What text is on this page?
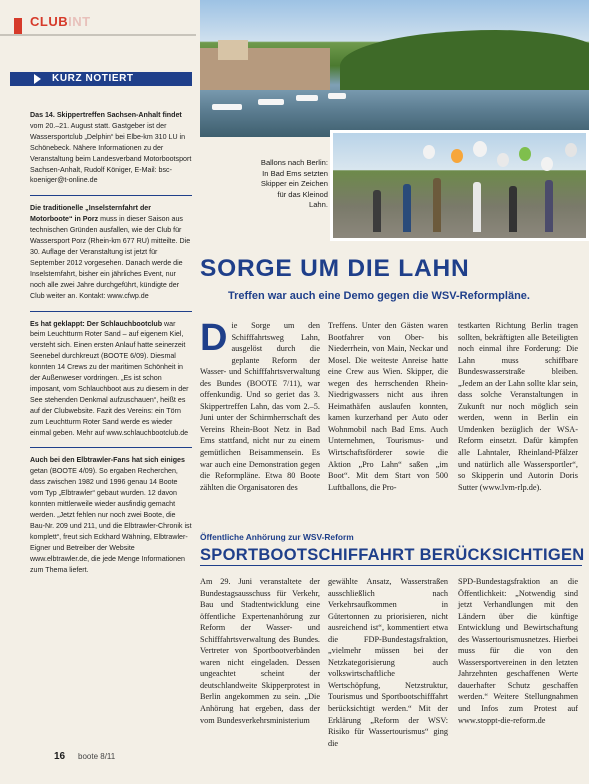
CLUBINT
KURZ NOTIERT

Das 14. Skippertreffen Sachsen-Anhalt findet vom 20.–21. August statt. Gastgeber ist der Wassersportclub „Delphin“ bei Elbe-km 310 LU in Schönebeck. Nähere Informationen zu der Veranstaltung beim Landesverband Motorbootsport Sachsen-Anhalt, Rudolf Königer, E-Mail: bsc-koeniger@t-online.de

Die traditionelle „Inselsternfahrt der Motorboote“ in Porz muss in dieser Saison aus technischen Gründen ausfallen, wie der Club für Wassersport Porz (Rhein-km 677 RU) mitteilte. Die 30. Auflage der Veranstaltung ist jetzt für September 2012 vorgesehen. Danach werde die Inselsternfahrt, bisher ein jährliches Event, nur noch alle zwei Jahre durchgeführt, kündigte der Club weiter an. Kontakt: www.cfwp.de

Es hat geklappt: Der Schlauchbootclub war beim Leuchtturm Roter Sand – auf eigenem Kiel, versteht sich. Einen ersten Anlauf hatte seinerzeit Seenebel durchkreuzt (BOOTE 6/09). Diesmal konnten 14 Crews zu der maritimen Schönheit in der Außenweser vordringen. „Es ist schon imposant, vom Schlauchboot aus zu diesem in der See stehenden Denkmal aufzuschauen“, heißt es auf der Clubwebsite. Fazit des Vereins: ein Törn zum Leuchtturm Roter Sand werde es wieder einmal geben. Mehr auf www.schlauchbootclub.de

Auch bei den Elbtrawler-Fans hat sich einiges getan (BOOTE 4/09). So ergaben Recherchen, dass zwischen 1982 und 1996 genau 14 Boote vom Typ „Elbtrawler“ gebaut wurden. 12 davon konnten mittlerweile wieder ausfindig gemacht werden. „Jetzt fehlen nur noch zwei Boote, die Bau-Nr. 209 und 211, und die Elbtrawler-Chronik ist komplett“, freut sich Eckhard Wähning, Elbtrawler-Eigner und Betreiber der Website www.elbtrawler.de, die jede Menge Informationen zum Thema liefert.

Ballons nach Berlin: In Bad Ems setzten Skipper ein Zeichen für das Kleinod Lahn.
SORGE UM DIE LAHN
Treffen war auch eine Demo gegen die WSV-Reformpläne.
Die Sorge um den Schifffahrtsweg Lahn, ausgelöst durch die geplante Reform der Wasser- und Schifffahrtsverwaltung des Bundes (BOOTE 7/11), war offenkundig. Und so geriet das 3. Skippertreffen Lahn, das vom 2.–5. Juni unter der Schirmherrschaft des Vereins Rhein-Boot Netz in Bad Ems stattfand, nicht nur zu einem gemütlichen Beisammensein. Es war auch eine Demonstration gegen die Reformpläne. Etwa 80 Boote zählten die Organisatoren des
Treffens. Unter den Gästen waren Bootfahrer von Ober- bis Niederrhein, von Main, Neckar und Mosel. Die weiteste Anreise hatte eine Crew aus Wien. Skipper, die wegen des herrschenden Rhein-Niedrigwassers nicht aus ihren Heimathäfen auslaufen konnten, kamen kurzerhand per Auto oder Wohnmobil nach Bad Ems. Auch Unternehmen, Tourismus- und Wirtschaftsförderer sowie die Aktion „Pro Lahn“ saßen „im Boot“. Mit dem Start von 500 Luftballons, die Pro-
testkarten Richtung Berlin tragen sollten, bekräftigten alle Beteiligten noch einmal ihre Forderung: Die Lahn muss schiffbare Bundeswasserstraße bleiben. „Jedem an der Lahn sollte klar sein, dass solche Veranstaltungen in Zukunft nur noch möglich sein werden, wenn in Berlin ein Umdenken bezüglich der WSA-Reform einsetzt. Dafür kämpfen alle Lahntaler, Rheinland-Pfälzer und natürlich alle Wassersportler“, so Skipperin und Autorin Doris Sutter (www.lvm-rlp.de).
Öffentliche Anhörung zur WSV-Reform
SPORTBOOTSCHIFFAHRT BERÜCKSICHTIGEN
Am 29. Juni veranstaltete der Bundestagsausschuss für Verkehr, Bau und Stadtentwicklung eine öffentliche Expertenanhörung zur Reform der Wasser- und Schifffahrtsverwaltung des Bundes. Vertreter von Sportbootverbänden waren nicht eingeladen. Dessen ungeachtet scheint der deutschlandweite Skipperprotest in Berlin angekommen zu sein. „Die Anhörung hat ergeben, dass der vom Bundesverkehrsministerium
gewählte Ansatz, Wasserstraßen ausschließlich nach Verkehrsaufkommen in Gütertonnen zu priorisieren, nicht ausreichend ist“, kommentiert etwa die FDP-Bundestagsfraktion, „vielmehr müssen bei der Netzkategorisierung auch volkswirtschaftliche Wertschöpfung, Netzstruktur, Tourismus und Sportbootschifffahrt berücksichtigt werden.“ Mit der Erklärung „Reform der WSV: Risiko für Wassertourismus“ ging die
SPD-Bundestagsfraktion an die Öffentlichkeit: „Notwendig sind jetzt Verhandlungen mit den Ländern über die künftige Entwicklung und Bewirtschaftung des Wassertourismusnetzes. Hierbei muss für die von den Wassersportvereinen in den letzten Jahrzehnten geschaffenen Werte dauerhafter Schutz geschaffen werden.“ Weitere Stellungnahmen und Infos zum Protest auf www.stoppt-die-reform.de
16 boote 8/11
